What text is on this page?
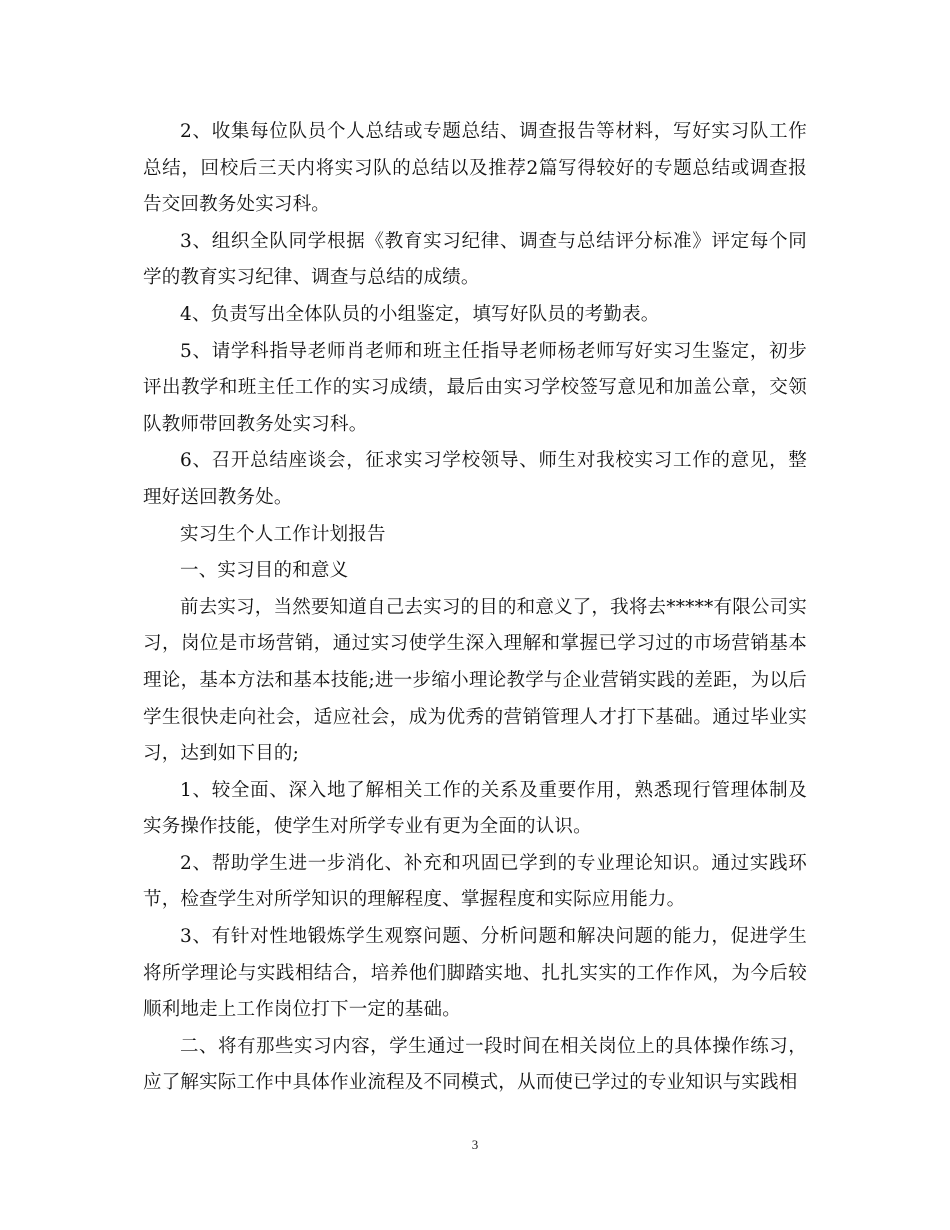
2、收集每位队员个人总结或专题总结、调查报告等材料，写好实习队工作总结，回校后三天内将实习队的总结以及推荐2篇写得较好的专题总结或调查报告交回教务处实习科。

3、组织全队同学根据《教育实习纪律、调查与总结评分标准》评定每个同学的教育实习纪律、调查与总结的成绩。

4、负责写出全体队员的小组鉴定，填写好队员的考勤表。

5、请学科指导老师肖老师和班主任指导老师杨老师写好实习生鉴定，初步评出教学和班主任工作的实习成绩，最后由实习学校签写意见和加盖公章，交领队教师带回教务处实习科。

6、召开总结座谈会，征求实习学校领导、师生对我校实习工作的意见，整理好送回教务处。

实习生个人工作计划报告

一、实习目的和意义

前去实习，当然要知道自己去实习的目的和意义了，我将去*****有限公司实习，岗位是市场营销，通过实习使学生深入理解和掌握已学习过的市场营销基本理论，基本方法和基本技能;进一步缩小理论教学与企业营销实践的差距，为以后学生很快走向社会，适应社会，成为优秀的营销管理人才打下基础。通过毕业实习，达到如下目的;

1、较全面、深入地了解相关工作的关系及重要作用，熟悉现行管理体制及实务操作技能，使学生对所学专业有更为全面的认识。

2、帮助学生进一步消化、补充和巩固已学到的专业理论知识。通过实践环节，检查学生对所学知识的理解程度、掌握程度和实际应用能力。

3、有针对性地锻炼学生观察问题、分析问题和解决问题的能力，促进学生将所学理论与实践相结合，培养他们脚踏实地、扎扎实实的工作作风，为今后较顺利地走上工作岗位打下一定的基础。

二、将有那些实习内容，学生通过一段时间在相关岗位上的具体操作练习，应了解实际工作中具体作业流程及不同模式，从而使已学过的专业知识与实践相

3
